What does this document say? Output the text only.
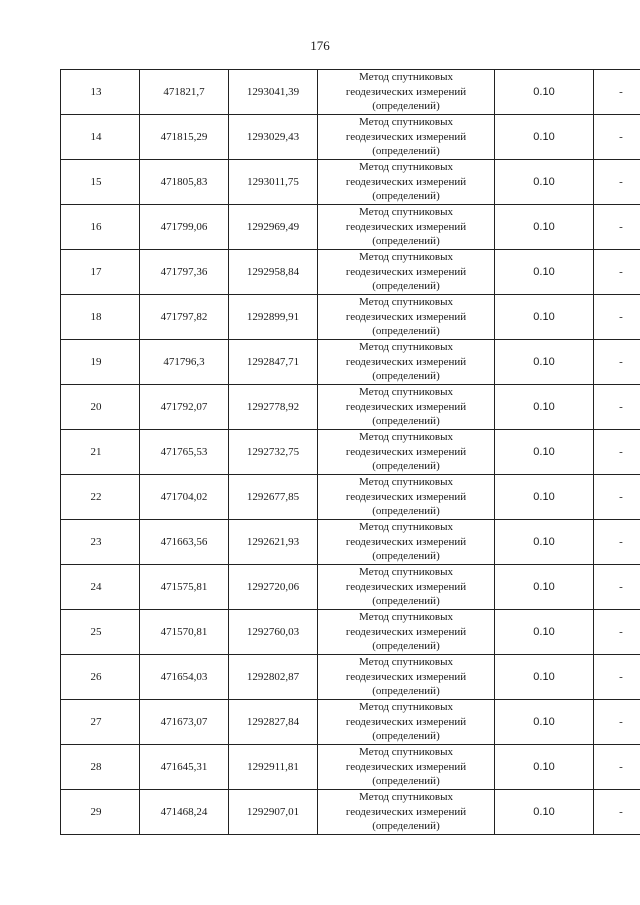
176
13	471821,7	1293041,39	Метод спутниковых
геодезических измерений
(определений)	0.10	-
14	471815,29	1293029,43	Метод спутниковых
геодезических измерений
(определений)	0.10	-
15	471805,83	1293011,75	Метод спутниковых
геодезических измерений
(определений)	0.10	-
16	471799,06	1292969,49	Метод спутниковых
геодезических измерений
(определений)	0.10	-
17	471797,36	1292958,84	Метод спутниковых
геодезических измерений
(определений)	0.10	-
18	471797,82	1292899,91	Метод спутниковых
геодезических измерений
(определений)	0.10	-
19	471796,3	1292847,71	Метод спутниковых
геодезических измерений
(определений)	0.10	-
20	471792,07	1292778,92	Метод спутниковых
геодезических измерений
(определений)	0.10	-
21	471765,53	1292732,75	Метод спутниковых
геодезических измерений
(определений)	0.10	-
22	471704,02	1292677,85	Метод спутниковых
геодезических измерений
(определений)	0.10	-
23	471663,56	1292621,93	Метод спутниковых
геодезических измерений
(определений)	0.10	-
24	471575,81	1292720,06	Метод спутниковых
геодезических измерений
(определений)	0.10	-
25	471570,81	1292760,03	Метод спутниковых
геодезических измерений
(определений)	0.10	-
26	471654,03	1292802,87	Метод спутниковых
геодезических измерений
(определений)	0.10	-
27	471673,07	1292827,84	Метод спутниковых
геодезических измерений
(определений)	0.10	-
28	471645,31	1292911,81	Метод спутниковых
геодезических измерений
(определений)	0.10	-
29	471468,24	1292907,01	Метод спутниковых
геодезических измерений
(определений)	0.10	-
